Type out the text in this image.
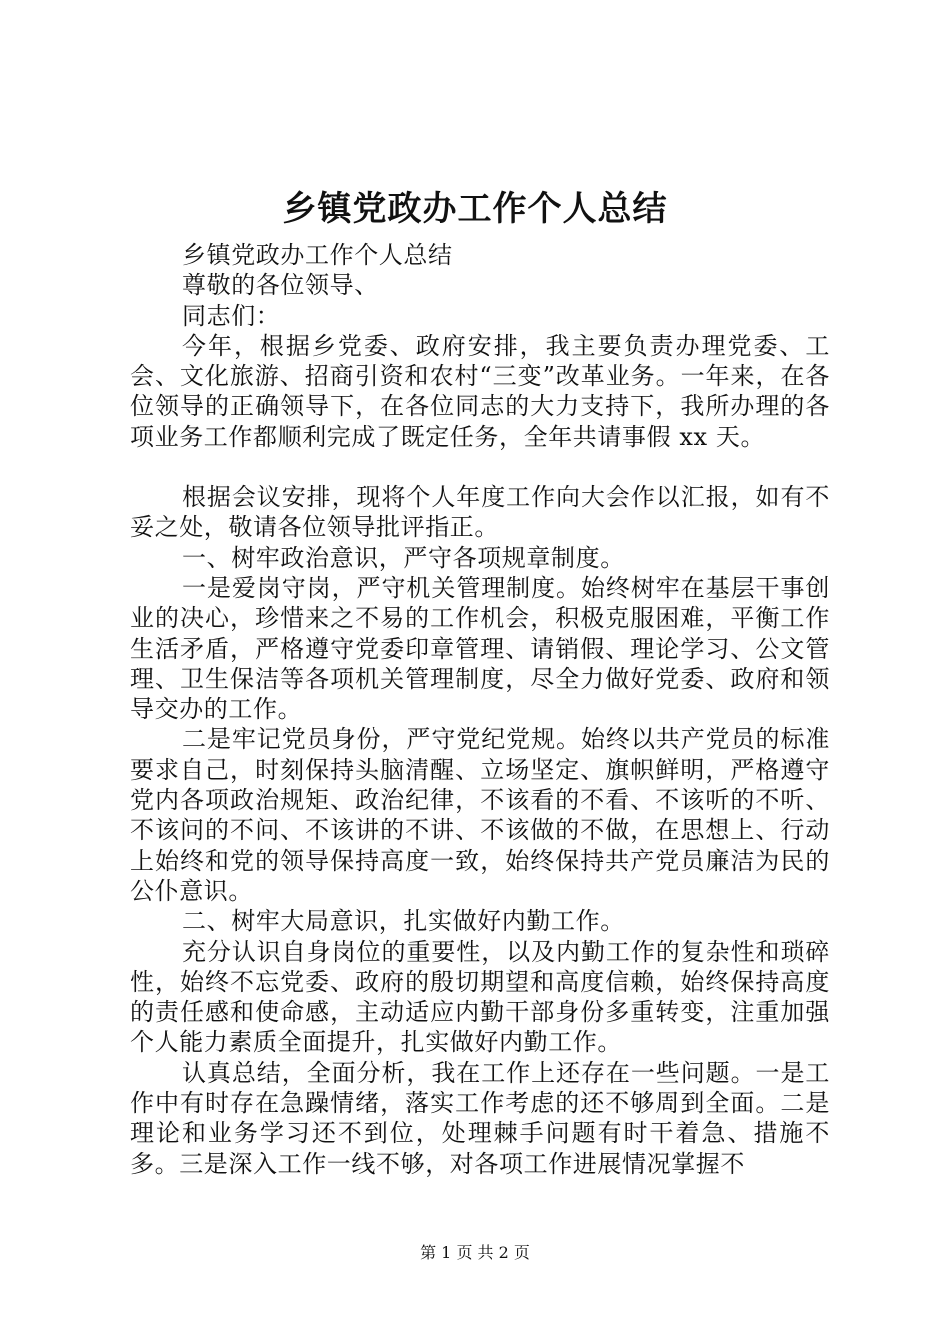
乡镇党政办工作个人总结

乡镇党政办工作个人总结

尊敬的各位领导、

同志们：

今年，根据乡党委、政府安排，我主要负责办理党委、工会、文化旅游、招商引资和农村“三变”改革业务。一年来，在各位领导的正确领导下，在各位同志的大力支持下，我所办理的各项业务工作都顺利完成了既定任务，全年共请事假 xx 天。

根据会议安排，现将个人年度工作向大会作以汇报，如有不妥之处，敬请各位领导批评指正。

一、树牢政治意识，严守各项规章制度。

一是爱岗守岗，严守机关管理制度。始终树牢在基层干事创业的决心，珍惜来之不易的工作机会，积极克服困难，平衡工作生活矛盾，严格遵守党委印章管理、请销假、理论学习、公文管理、卫生保洁等各项机关管理制度，尽全力做好党委、政府和领导交办的工作。

二是牢记党员身份，严守党纪党规。始终以共产党员的标准要求自己，时刻保持头脑清醒、立场坚定、旗帜鲜明，严格遵守党内各项政治规矩、政治纪律，不该看的不看、不该听的不听、不该问的不问、不该讲的不讲、不该做的不做，在思想上、行动上始终和党的领导保持高度一致，始终保持共产党员廉洁为民的公仆意识。

二、树牢大局意识，扎实做好内勤工作。

充分认识自身岗位的重要性，以及内勤工作的复杂性和琐碎性，始终不忘党委、政府的殷切期望和高度信赖，始终保持高度的责任感和使命感，主动适应内勤干部身份多重转变，注重加强个人能力素质全面提升，扎实做好内勤工作。

认真总结，全面分析，我在工作上还存在一些问题。一是工作中有时存在急躁情绪，落实工作考虑的还不够周到全面。二是理论和业务学习还不到位，处理棘手问题有时干着急、措施不多。三是深入工作一线不够，对各项工作进展情况掌握不

第 1 页 共 2 页
